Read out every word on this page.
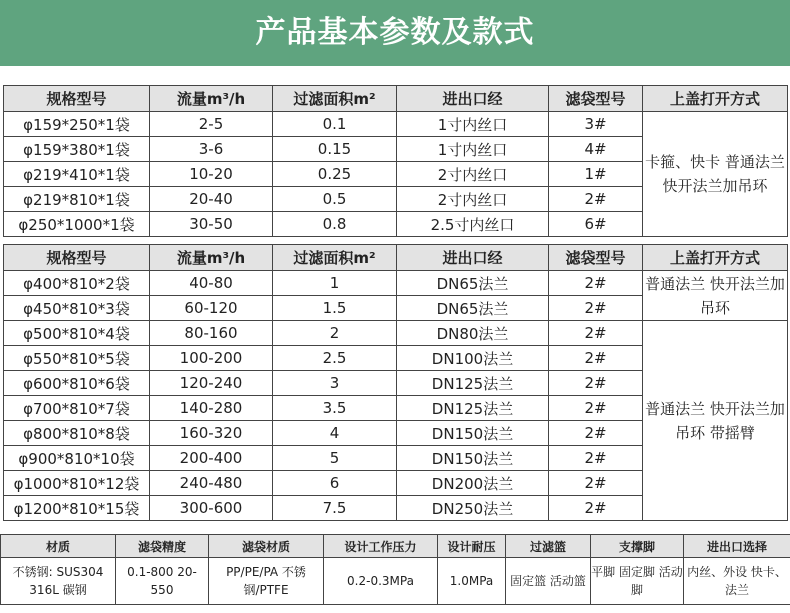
产品基本参数及款式
规格型号	流量m³/h	过滤面积m²	进出口经	滤袋型号	上盖打开方式
φ159*250*1袋	2-5	0.1	1寸内丝口	3#	卡箍、快卡 普通法兰 快开法兰加吊环
φ159*380*1袋	3-6	0.15	1寸内丝口	4#	
φ219*410*1袋	10-20	0.25	2寸内丝口	1#	
φ219*810*1袋	20-40	0.5	2寸内丝口	2#	
φ250*1000*1袋	30-50	0.8	2.5寸内丝口	6#	
规格型号	流量m³/h	过滤面积m²	进出口经	滤袋型号	上盖打开方式
φ400*810*2袋	40-80	1	DN65法兰	2#	普通法兰 快开法兰加吊环
φ450*810*3袋	60-120	1.5	DN65法兰	2#	
φ500*810*4袋	80-160	2	DN80法兰	2#	普通法兰 快开法兰加吊环 带摇臂
φ550*810*5袋	100-200	2.5	DN100法兰	2#	
φ600*810*6袋	120-240	3	DN125法兰	2#	
φ700*810*7袋	140-280	3.5	DN125法兰	2#	
φ800*810*8袋	160-320	4	DN150法兰	2#	
φ900*810*10袋	200-400	5	DN150法兰	2#	
φ1000*810*12袋	240-480	6	DN200法兰	2#	
φ1200*810*15袋	300-600	7.5	DN250法兰	2#	
材质	滤袋精度	滤袋材质	设计工作压力	设计耐压	过滤篮	支撑脚	进出口选择
不锈钢: SUS304 316L 碳钢	0.1-800 20-550	PP/PE/PA 不锈钢/PTFE	0.2-0.3MPa	1.0MPa	固定篮 活动篮	平脚 固定脚 活动脚	内丝、外设 快卡、法兰
